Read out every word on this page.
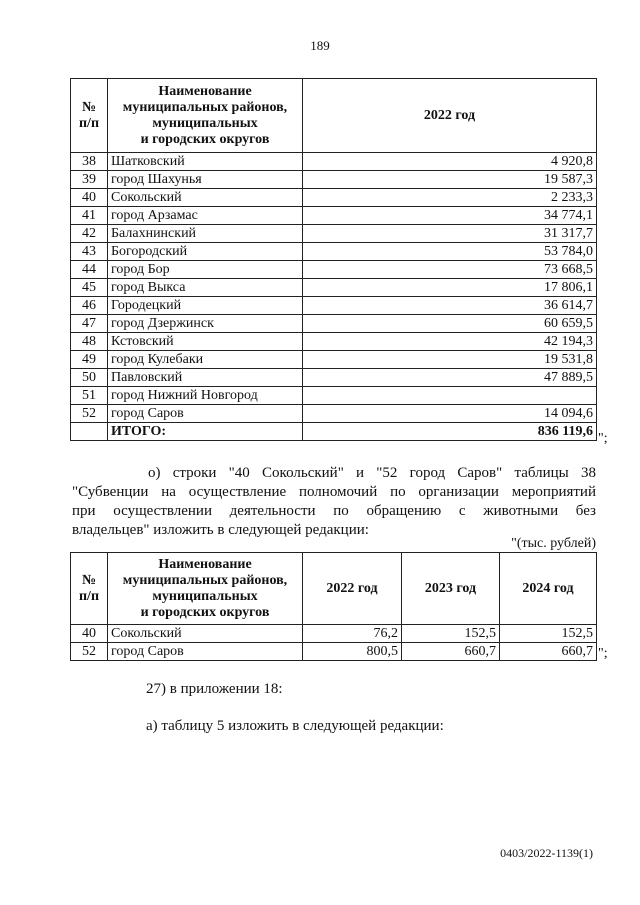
189
№
п/п	Наименование
муниципальных районов,
муниципальных
и городских округов	2022 год
38	Шатковский	4 920,8
39	город Шахунья	19 587,3
40	Сокольский	2 233,3
41	город Арзамас	34 774,1
42	Балахнинский	31 317,7
43	Богородский	53 784,0
44	город Бор	73 668,5
45	город Выкса	17 806,1
46	Городецкий	36 614,7
47	город Дзержинск	60 659,5
48	Кстовский	42 194,3
49	город Кулебаки	19 531,8
50	Павловский	47 889,5
51	город Нижний Новгород	
52	город Саров	14 094,6
	ИТОГО:	836 119,6 ";
о) строки "40 Сокольский" и "52 город Саров" таблицы 38
"Субвенции на осуществление полномочий по организации мероприятий
при осуществлении деятельности по обращению с животными без
владельцев" изложить в следующей редакции:
"(тыс. рублей)
№
п/п	Наименование
муниципальных районов,
муниципальных
и городских округов	2022 год	2023 год	2024 год
40	Сокольский	76,2	152,5	152,5
52	город Саров	800,5	660,7	660,7 ";
27) в приложении 18:
а) таблицу 5 изложить в следующей редакции:
0403/2022-1139(1)
